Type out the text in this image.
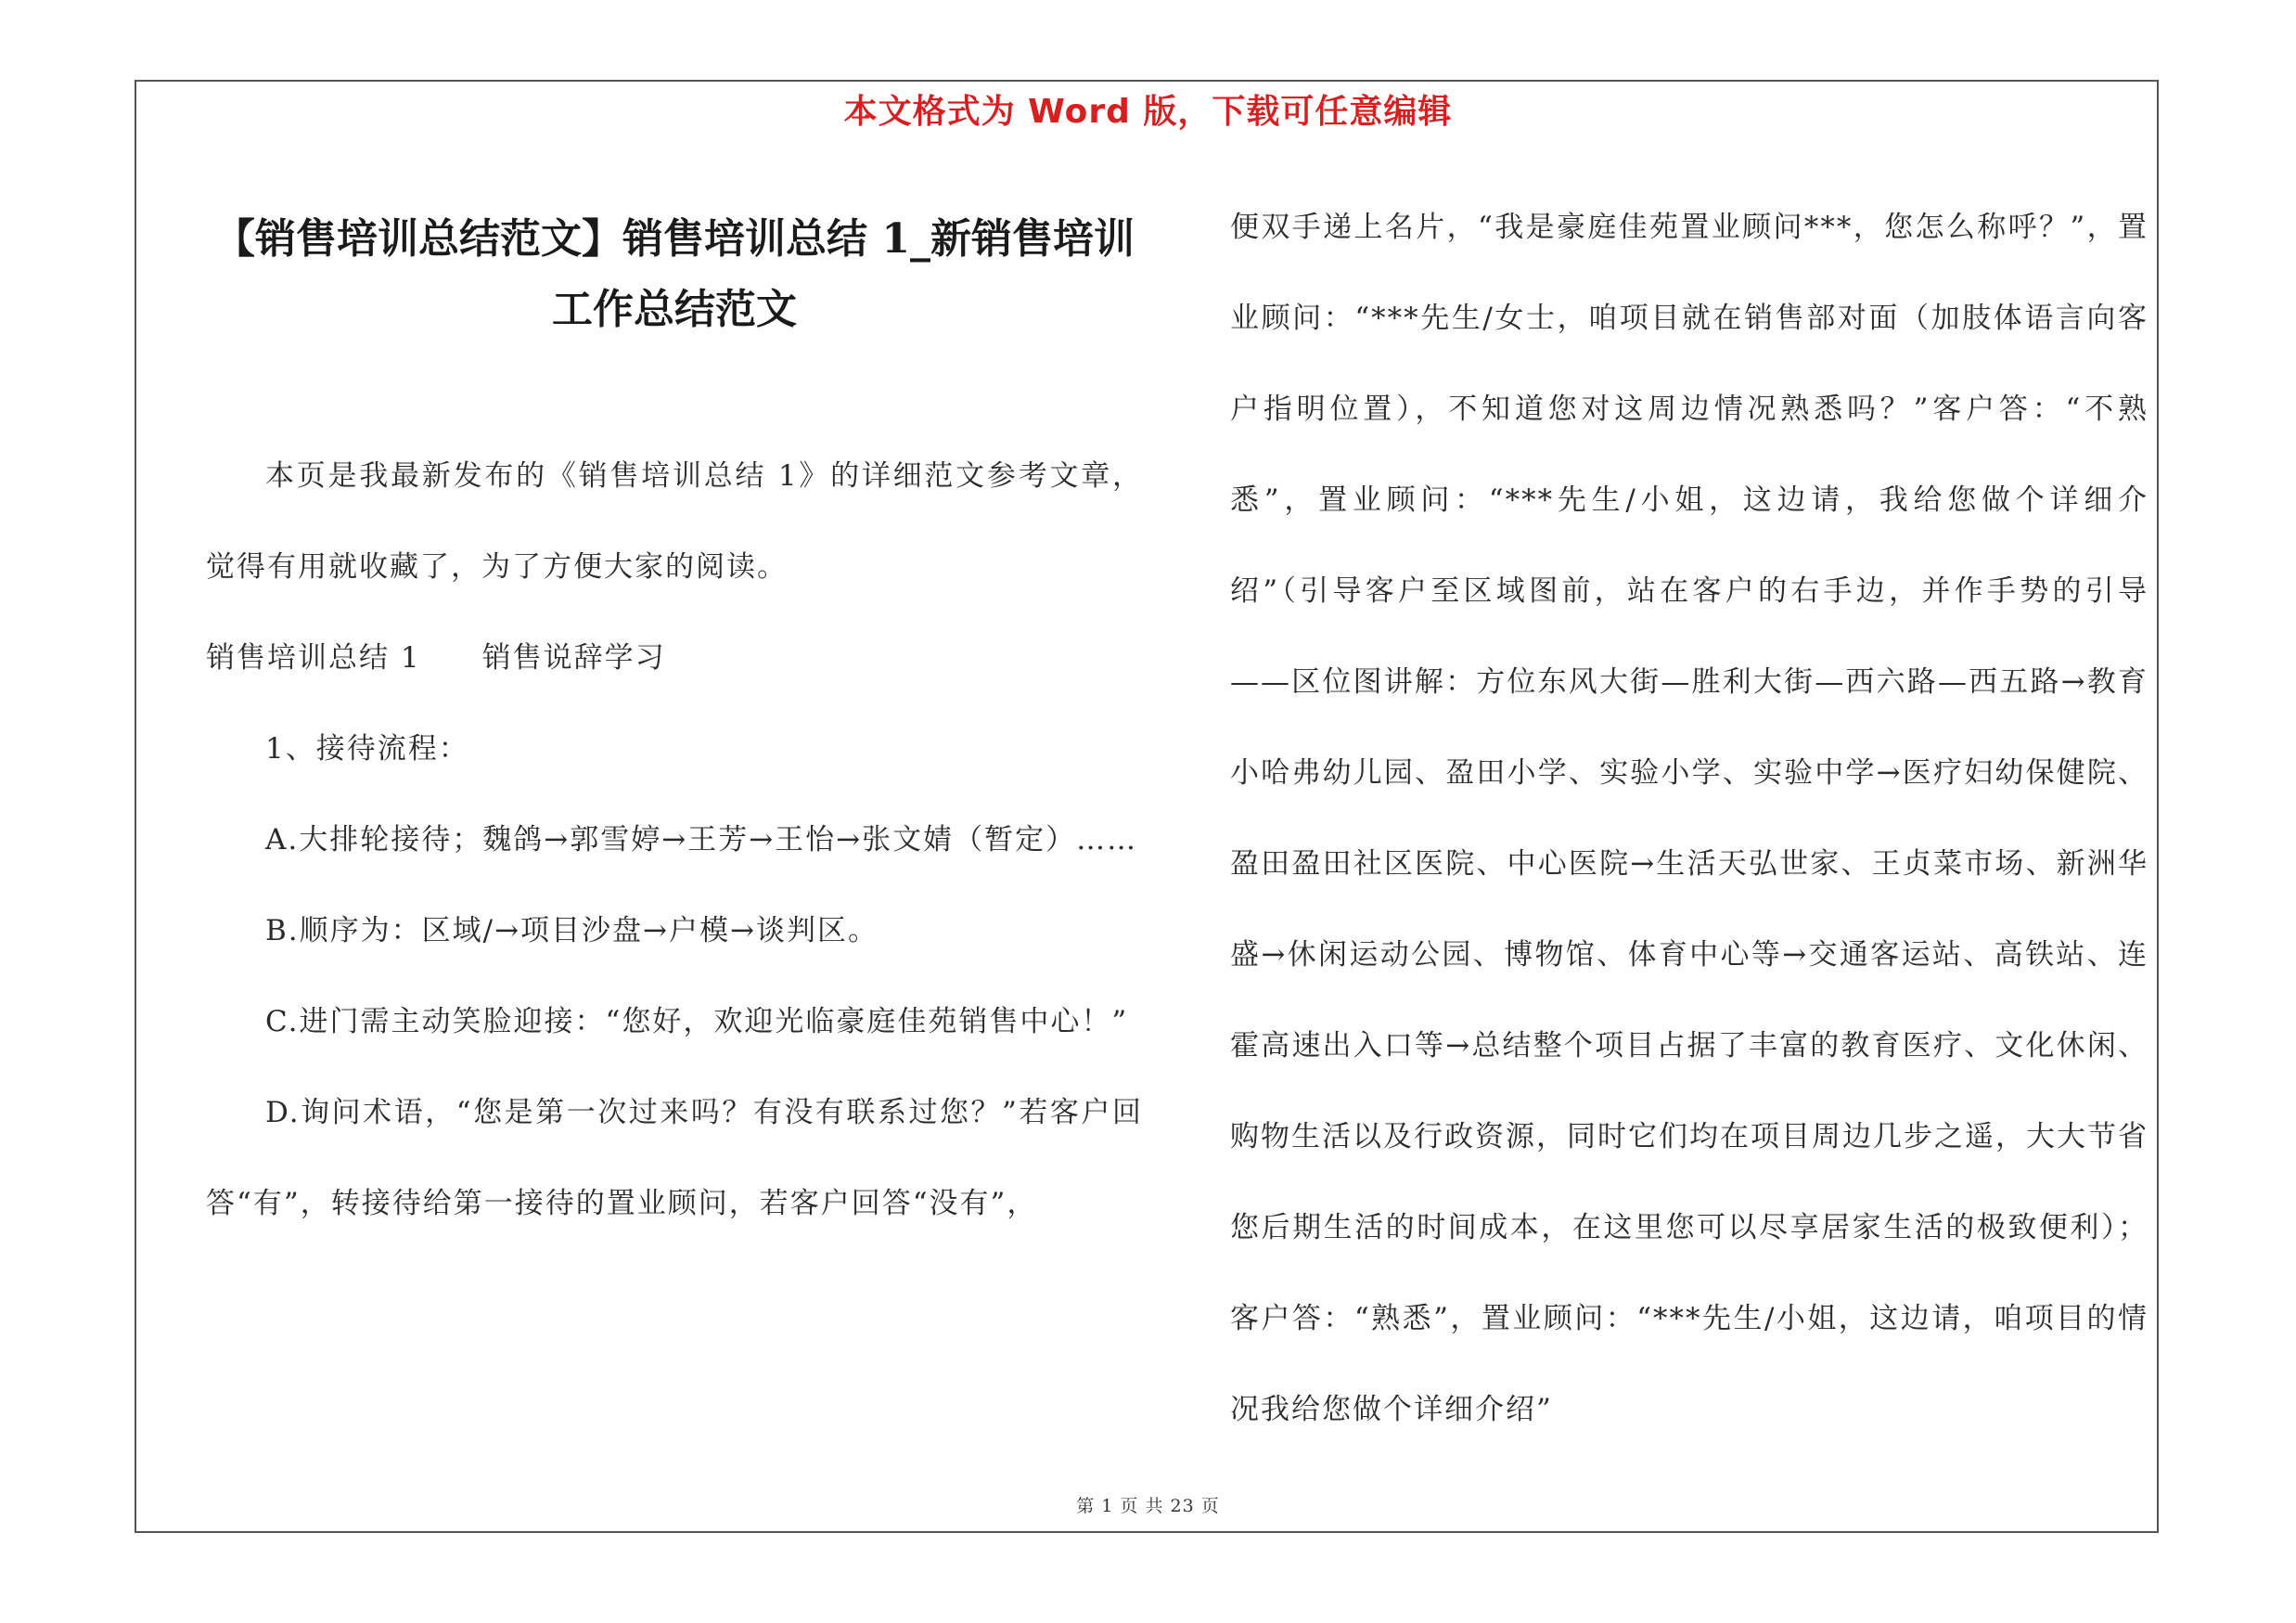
本文格式为 Word 版，下载可任意编辑
【销售培训总结范文】销售培训总结 1_新销售培训工作总结范文

本页是我最新发布的《销售培训总结 1》的详细范文参考文章，觉得有用就收藏了，为了方便大家的阅读。

销售培训总结 1　　销售说辞学习

1、接待流程：

A.大排轮接待；魏鸽→郭雪婷→王芳→王怡→张文婧（暂定）……

B.顺序为：区域/→项目沙盘→户模→谈判区。

C.进门需主动笑脸迎接：“您好，欢迎光临豪庭佳苑销售中心！”

D.询问术语，“您是第一次过来吗？有没有联系过您？”若客户回答“有”，转接待给第一接待的置业顾问，若客户回答“没有”，

便双手递上名片，“我是豪庭佳苑置业顾问***，您怎么称呼？”，置业顾问：“***先生/女士，咱项目就在销售部对面（加肢体语言向客户指明位置），不知道您对这周边情况熟悉吗？”客户答：“不熟悉”，置业顾问：“***先生/小姐，这边请，我给您做个详细介绍”（引导客户至区域图前，站在客户的右手边，并作手势的引导——区位图讲解：方位东风大街—胜利大街—西六路—西五路→教育小哈弗幼儿园、盈田小学、实验小学、实验中学→医疗妇幼保健院、盈田盈田社区医院、中心医院→生活天弘世家、王贞菜市场、新洲华盛→休闲运动公园、博物馆、体育中心等→交通客运站、高铁站、连霍高速出入口等→总结整个项目占据了丰富的教育医疗、文化休闲、购物生活以及行政资源，同时它们均在项目周边几步之遥，大大节省您后期生活的时间成本，在这里您可以尽享居家生活的极致便利）；客户答：“熟悉”，置业顾问：“***先生/小姐，这边请，咱项目的情况我给您做个详细介绍”

第 1 页 共 23 页
